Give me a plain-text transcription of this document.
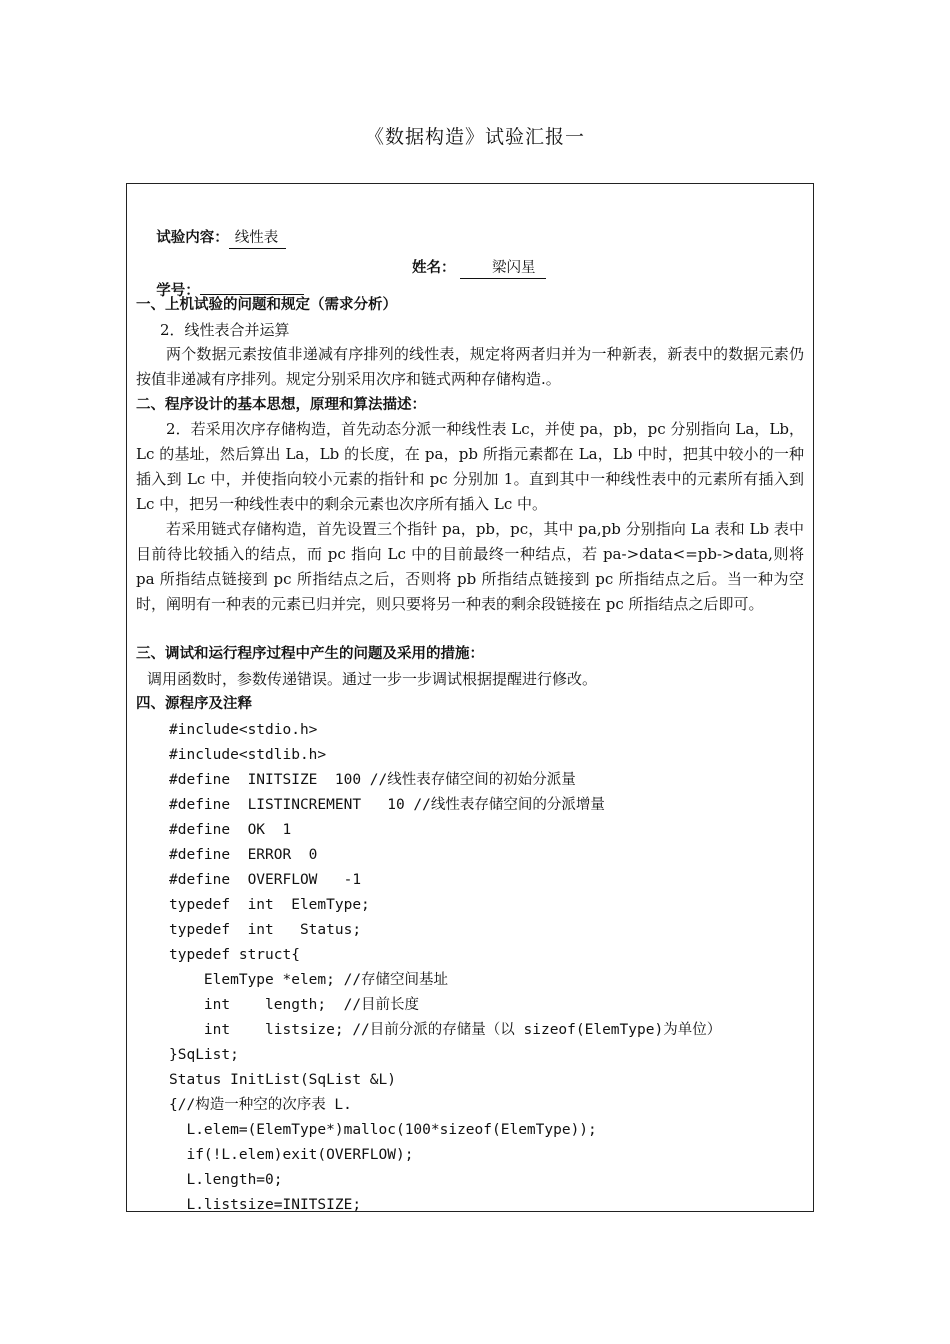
《数据构造》试验汇报一

试验内容： 线性表

学号：

姓名：

	梁闪星

一、上机试验的问题和规定（需求分析）
2．线性表合并运算
两个数据元素按值非递减有序排列的线性表，规定将两者归并为一种新表，新表中的数据元素仍按值非递减有序排列。规定分别采用次序和链式两种存储构造.。
二、程序设计的基本思想，原理和算法描述：
2．若采用次序存储构造，首先动态分派一种线性表 Lc，并使 pa，pb，pc 分别指向 La，Lb，Lc 的基址，然后算出 La，Lb 的长度，在 pa，pb 所指元素都在 La，Lb 中时，把其中较小的一种插入到 Lc 中，并使指向较小元素的指针和 pc 分别加 1。直到其中一种线性表中的元素所有插入到 Lc 中，把另一种线性表中的剩余元素也次序所有插入 Lc 中。
若采用链式存储构造，首先设置三个指针 pa，pb，pc，其中 pa,pb 分别指向 La 表和 Lb 表中目前待比较插入的结点，而 pc 指向 Lc 中的目前最终一种结点，若 pa->data<=pb->data,则将 pa 所指结点链接到 pc 所指结点之后，否则将 pb 所指结点链接到 pc 所指结点之后。当一种为空时，阐明有一种表的元素已归并完，则只要将另一种表的剩余段链接在 pc 所指结点之后即可。
三、调试和运行程序过程中产生的问题及采用的措施：
调用函数时，参数传递错误。通过一步一步调试根据提醒进行修改。
四、源程序及注释
#include<stdio.h>
#include<stdlib.h>
#define  INITSIZE  100 //线性表存储空间的初始分派量
#define  LISTINCREMENT   10 //线性表存储空间的分派增量
#define  OK  1
#define  ERROR  0
#define  OVERFLOW   -1
typedef  int  ElemType;
typedef  int   Status;
typedef struct{
ElemType *elem; //存储空间基址
int    length;  //目前长度
int    listsize; //目前分派的存储量（以 sizeof(ElemType)为单位）
}SqList;
Status InitList(SqList &L)
{//构造一种空的次序表 L.
L.elem=(ElemType*)malloc(100*sizeof(ElemType));
if(!L.elem)exit(OVERFLOW);
L.length=0;
L.listsize=INITSIZE;
